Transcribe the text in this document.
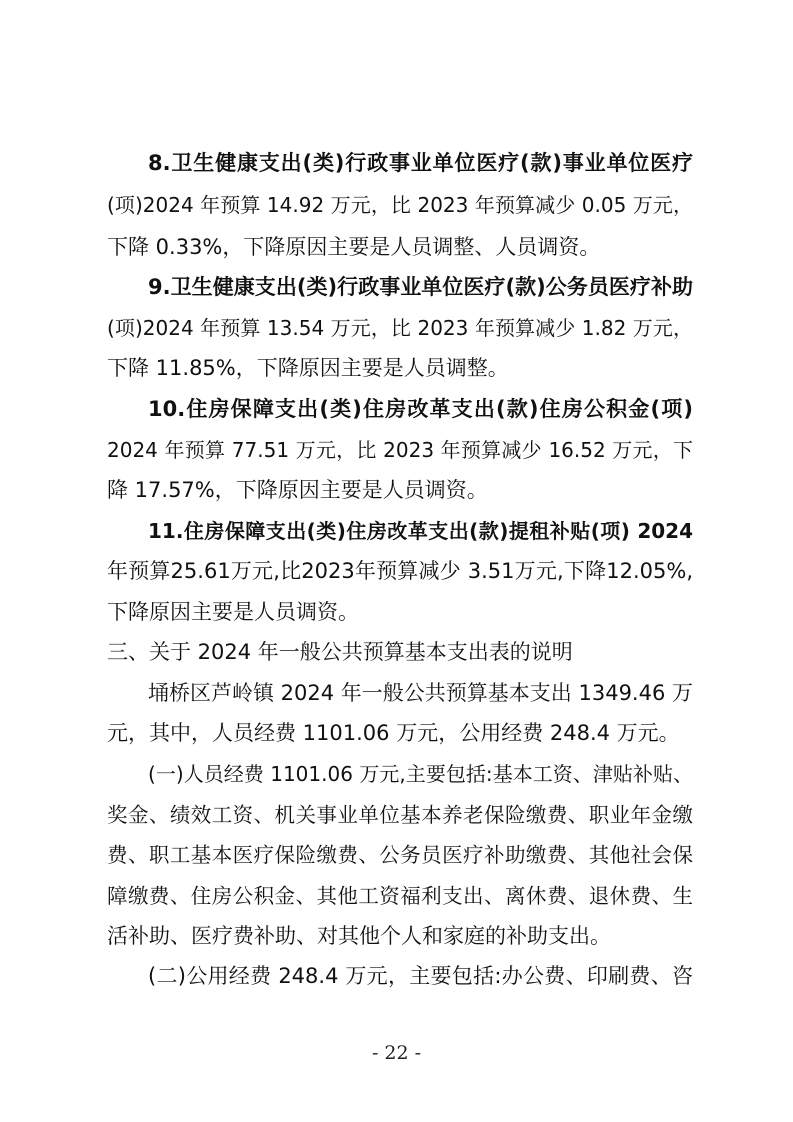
8.卫生健康支出(类)行政事业单位医疗(款)事业单位医疗

(项)2024 年预算 14.92 万元，比 2023 年预算减少 0.05 万元，

下降 0.33%，下降原因主要是人员调整、人员调资。

9.卫生健康支出(类)行政事业单位医疗(款)公务员医疗补助

(项)2024 年预算 13.54 万元，比 2023 年预算减少 1.82 万元，

下降 11.85%，下降原因主要是人员调整。

10.住房保障支出(类)住房改革支出(款)住房公积金(项)

2024 年预算 77.51 万元，比 2023 年预算减少 16.52 万元，下

降 17.57%，下降原因主要是人员调资。

11.住房保障支出(类)住房改革支出(款)提租补贴(项) 2024

年预算25.61万元,比2023年预算减少 3.51万元,下降12.05%,

下降原因主要是人员调资。

三、关于 2024 年一般公共预算基本支出表的说明

埇桥区芦岭镇 2024 年一般公共预算基本支出 1349.46 万

元，其中，人员经费 1101.06 万元，公用经费 248.4 万元。

(一)人员经费 1101.06 万元,主要包括:基本工资、津贴补贴、

奖金、绩效工资、机关事业单位基本养老保险缴费、职业年金缴

费、职工基本医疗保险缴费、公务员医疗补助缴费、其他社会保

障缴费、住房公积金、其他工资福利支出、离休费、退休费、生

活补助、医疗费补助、对其他个人和家庭的补助支出。

(二)公用经费 248.4 万元，主要包括:办公费、印刷费、咨

- 22 -
